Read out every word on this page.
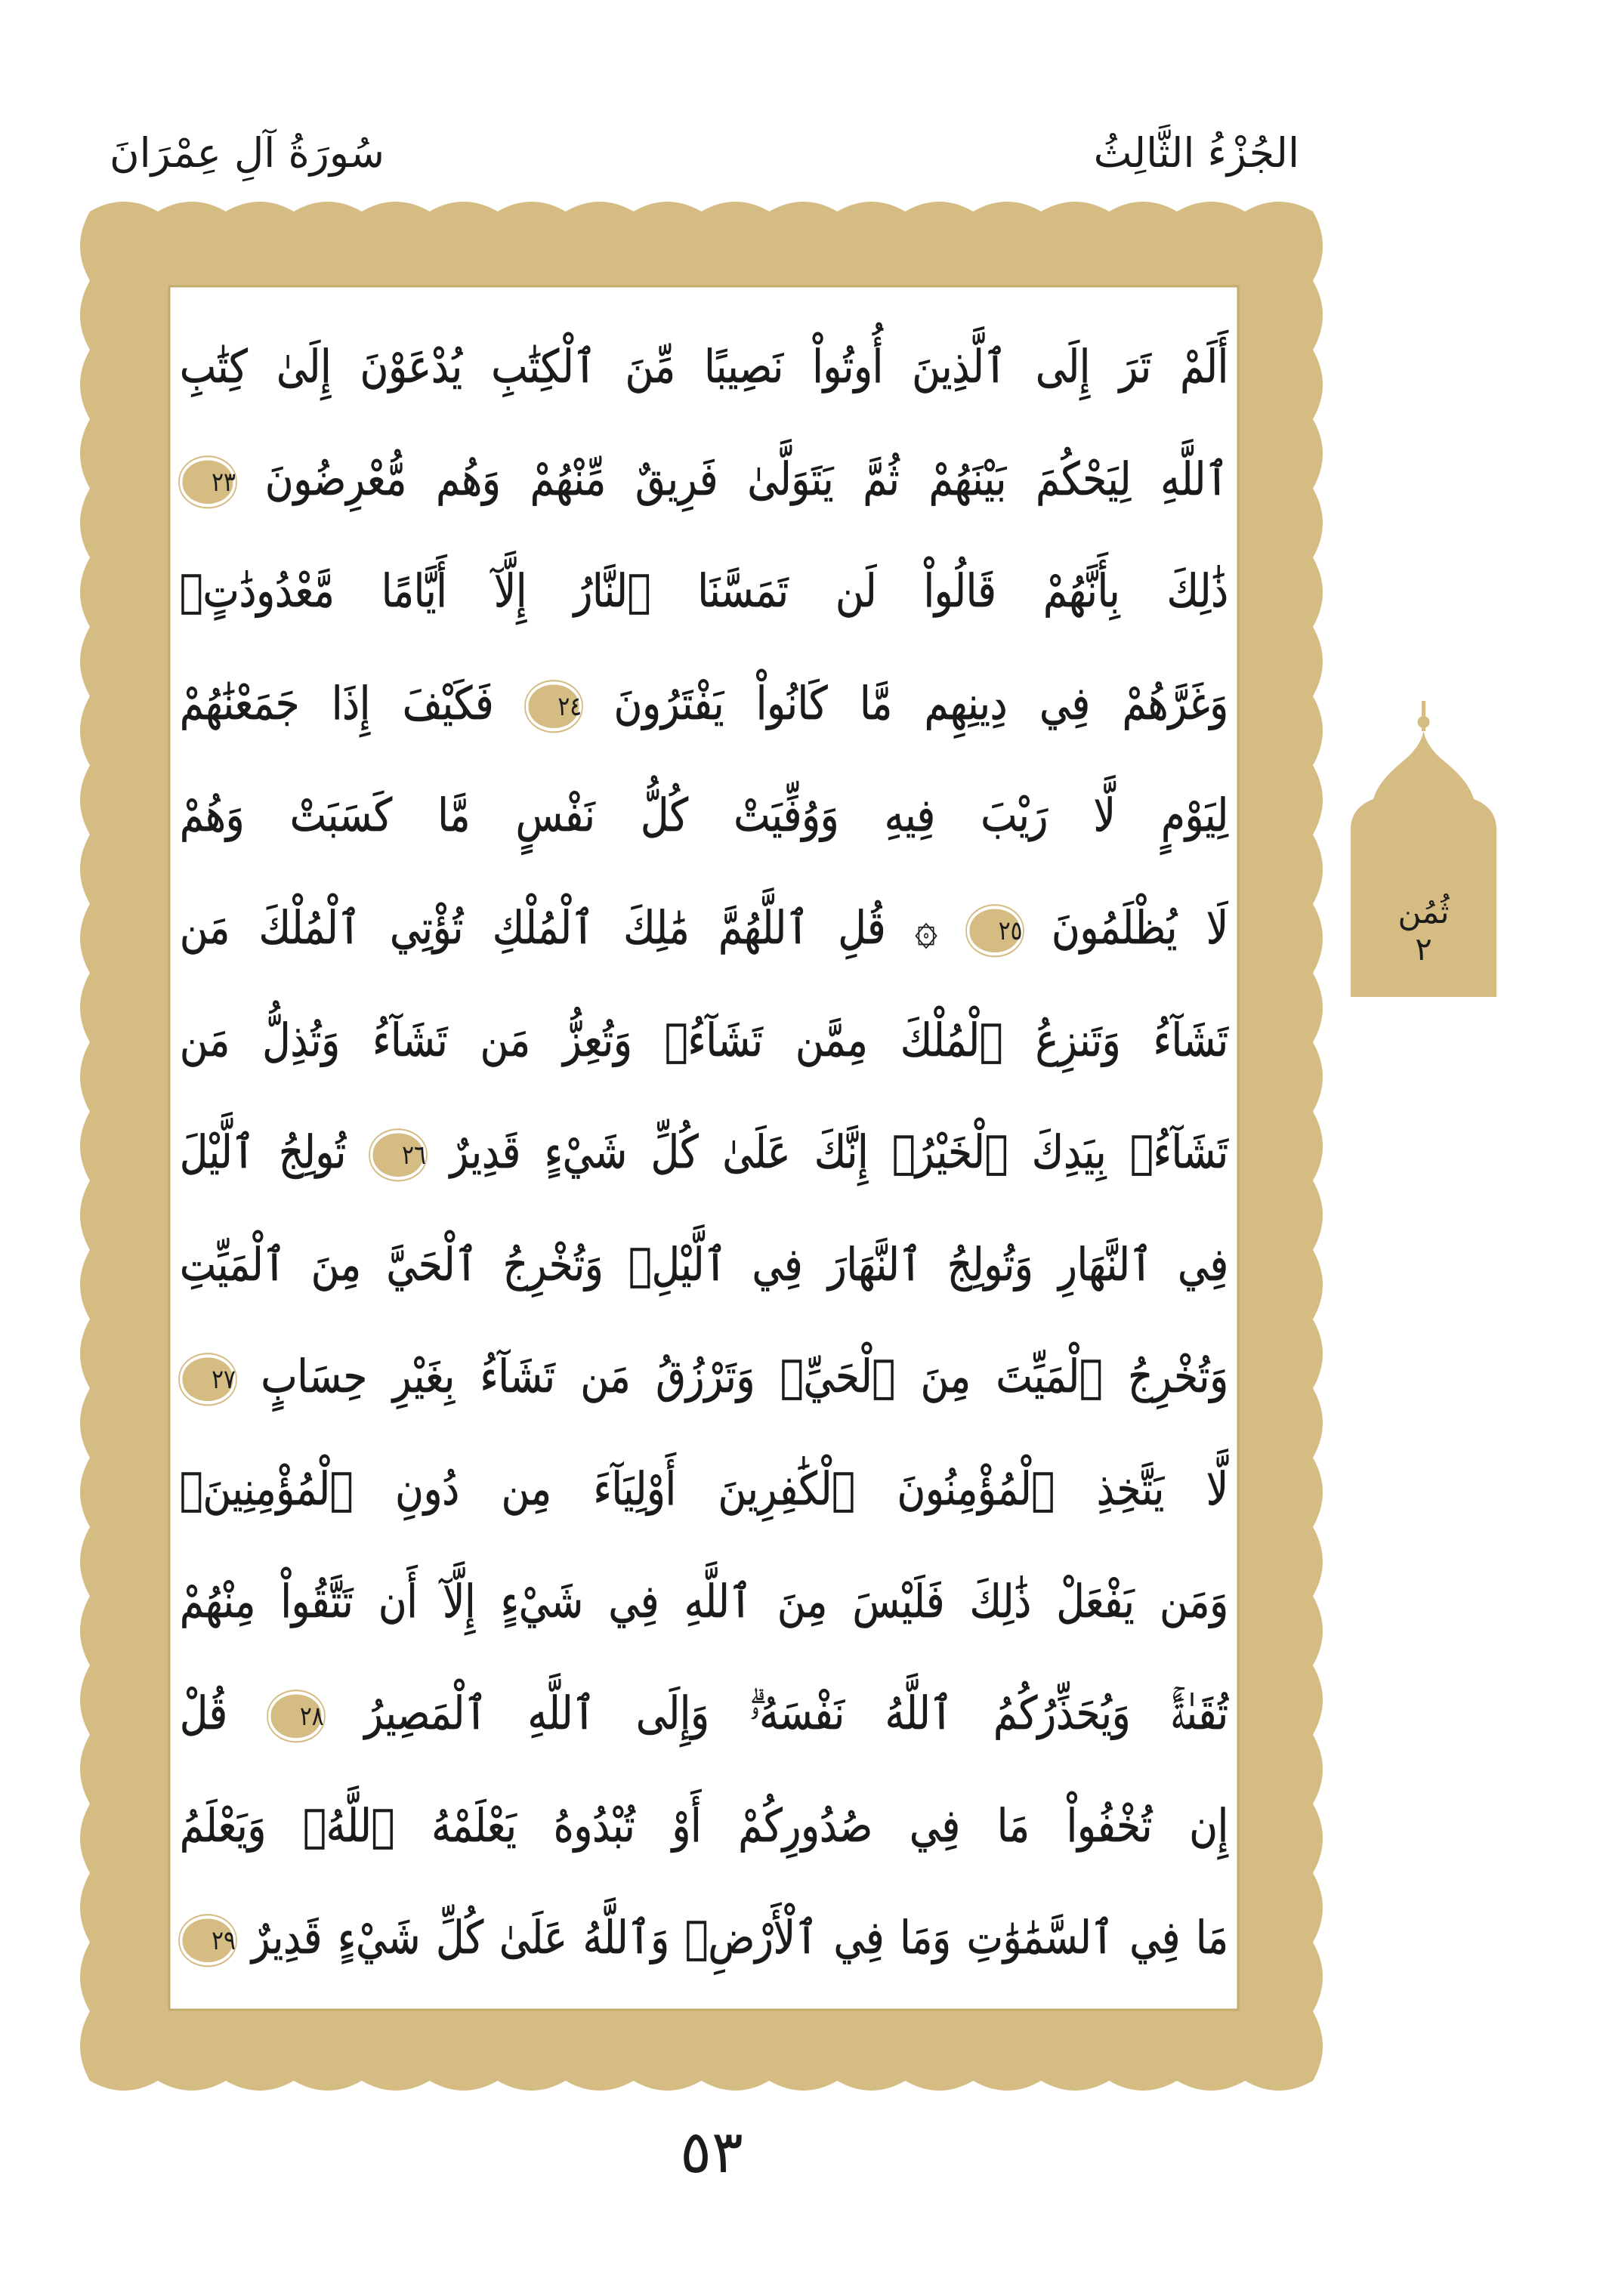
الجُزْءُ الثَّالِثُ
سُورَةُ آلِ عِمْرَانَ
أَلَمْ تَرَ إِلَى ٱلَّذِينَ أُوتُواْ نَصِيبًا مِّنَ ٱلْكِتَٰبِ يُدْعَوْنَ إِلَىٰ كِتَٰبِ
ٱللَّهِ لِيَحْكُمَ بَيْنَهُمْ ثُمَّ يَتَوَلَّىٰ فَرِيقٌ مِّنْهُمْ وَهُم مُّعْرِضُونَ ٢٣
ذَٰلِكَ بِأَنَّهُمْ قَالُواْ لَن تَمَسَّنَا ٱلنَّارُ إِلَّآ أَيَّامًا مَّعْدُودَٰتٍۖ
وَغَرَّهُمْ فِي دِينِهِم مَّا كَانُواْ يَفْتَرُونَ ٢٤ فَكَيْفَ إِذَا جَمَعْنَٰهُمْ
لِيَوْمٍ لَّا رَيْبَ فِيهِ وَوُفِّيَتْ كُلُّ نَفْسٍ مَّا كَسَبَتْ وَهُمْ
لَا يُظْلَمُونَ ٢٥ ۞ قُلِ ٱللَّهُمَّ مَٰلِكَ ٱلْمُلْكِ تُؤْتِي ٱلْمُلْكَ مَن
تَشَآءُ وَتَنزِعُ ٱلْمُلْكَ مِمَّن تَشَآءُۖ وَتُعِزُّ مَن تَشَآءُ وَتُذِلُّ مَن
تَشَآءُۖ بِيَدِكَ ٱلْخَيْرُۖ إِنَّكَ عَلَىٰ كُلِّ شَيْءٍ قَدِيرٌ ٢٦ تُولِجُ ٱلَّيْلَ
فِي ٱلنَّهَارِ وَتُولِجُ ٱلنَّهَارَ فِي ٱلَّيْلِۖ وَتُخْرِجُ ٱلْحَيَّ مِنَ ٱلْمَيِّتِ
وَتُخْرِجُ ٱلْمَيِّتَ مِنَ ٱلْحَيِّۖ وَتَرْزُقُ مَن تَشَآءُ بِغَيْرِ حِسَابٍ ٢٧
لَّا يَتَّخِذِ ٱلْمُؤْمِنُونَ ٱلْكَٰفِرِينَ أَوْلِيَآءَ مِن دُونِ ٱلْمُؤْمِنِينَۚ
وَمَن يَفْعَلْ ذَٰلِكَ فَلَيْسَ مِنَ ٱللَّهِ فِي شَيْءٍ إِلَّآ أَن تَتَّقُواْ مِنْهُمْ
تُقَىٰةًۚ وَيُحَذِّرُكُمُ ٱللَّهُ نَفْسَهُۥۗ وَإِلَى ٱللَّهِ ٱلْمَصِيرُ ٢٨ قُلْ
إِن تُخْفُواْ مَا فِي صُدُورِكُمْ أَوْ تُبْدُوهُ يَعْلَمْهُ ٱللَّهُۗ وَيَعْلَمُ
مَا فِي ٱلسَّمَٰوَٰتِ وَمَا فِي ٱلْأَرْضِۗ وَٱللَّهُ عَلَىٰ كُلِّ شَيْءٍ قَدِيرٌ ٢٩
ثُمُن
٢
٥٣
